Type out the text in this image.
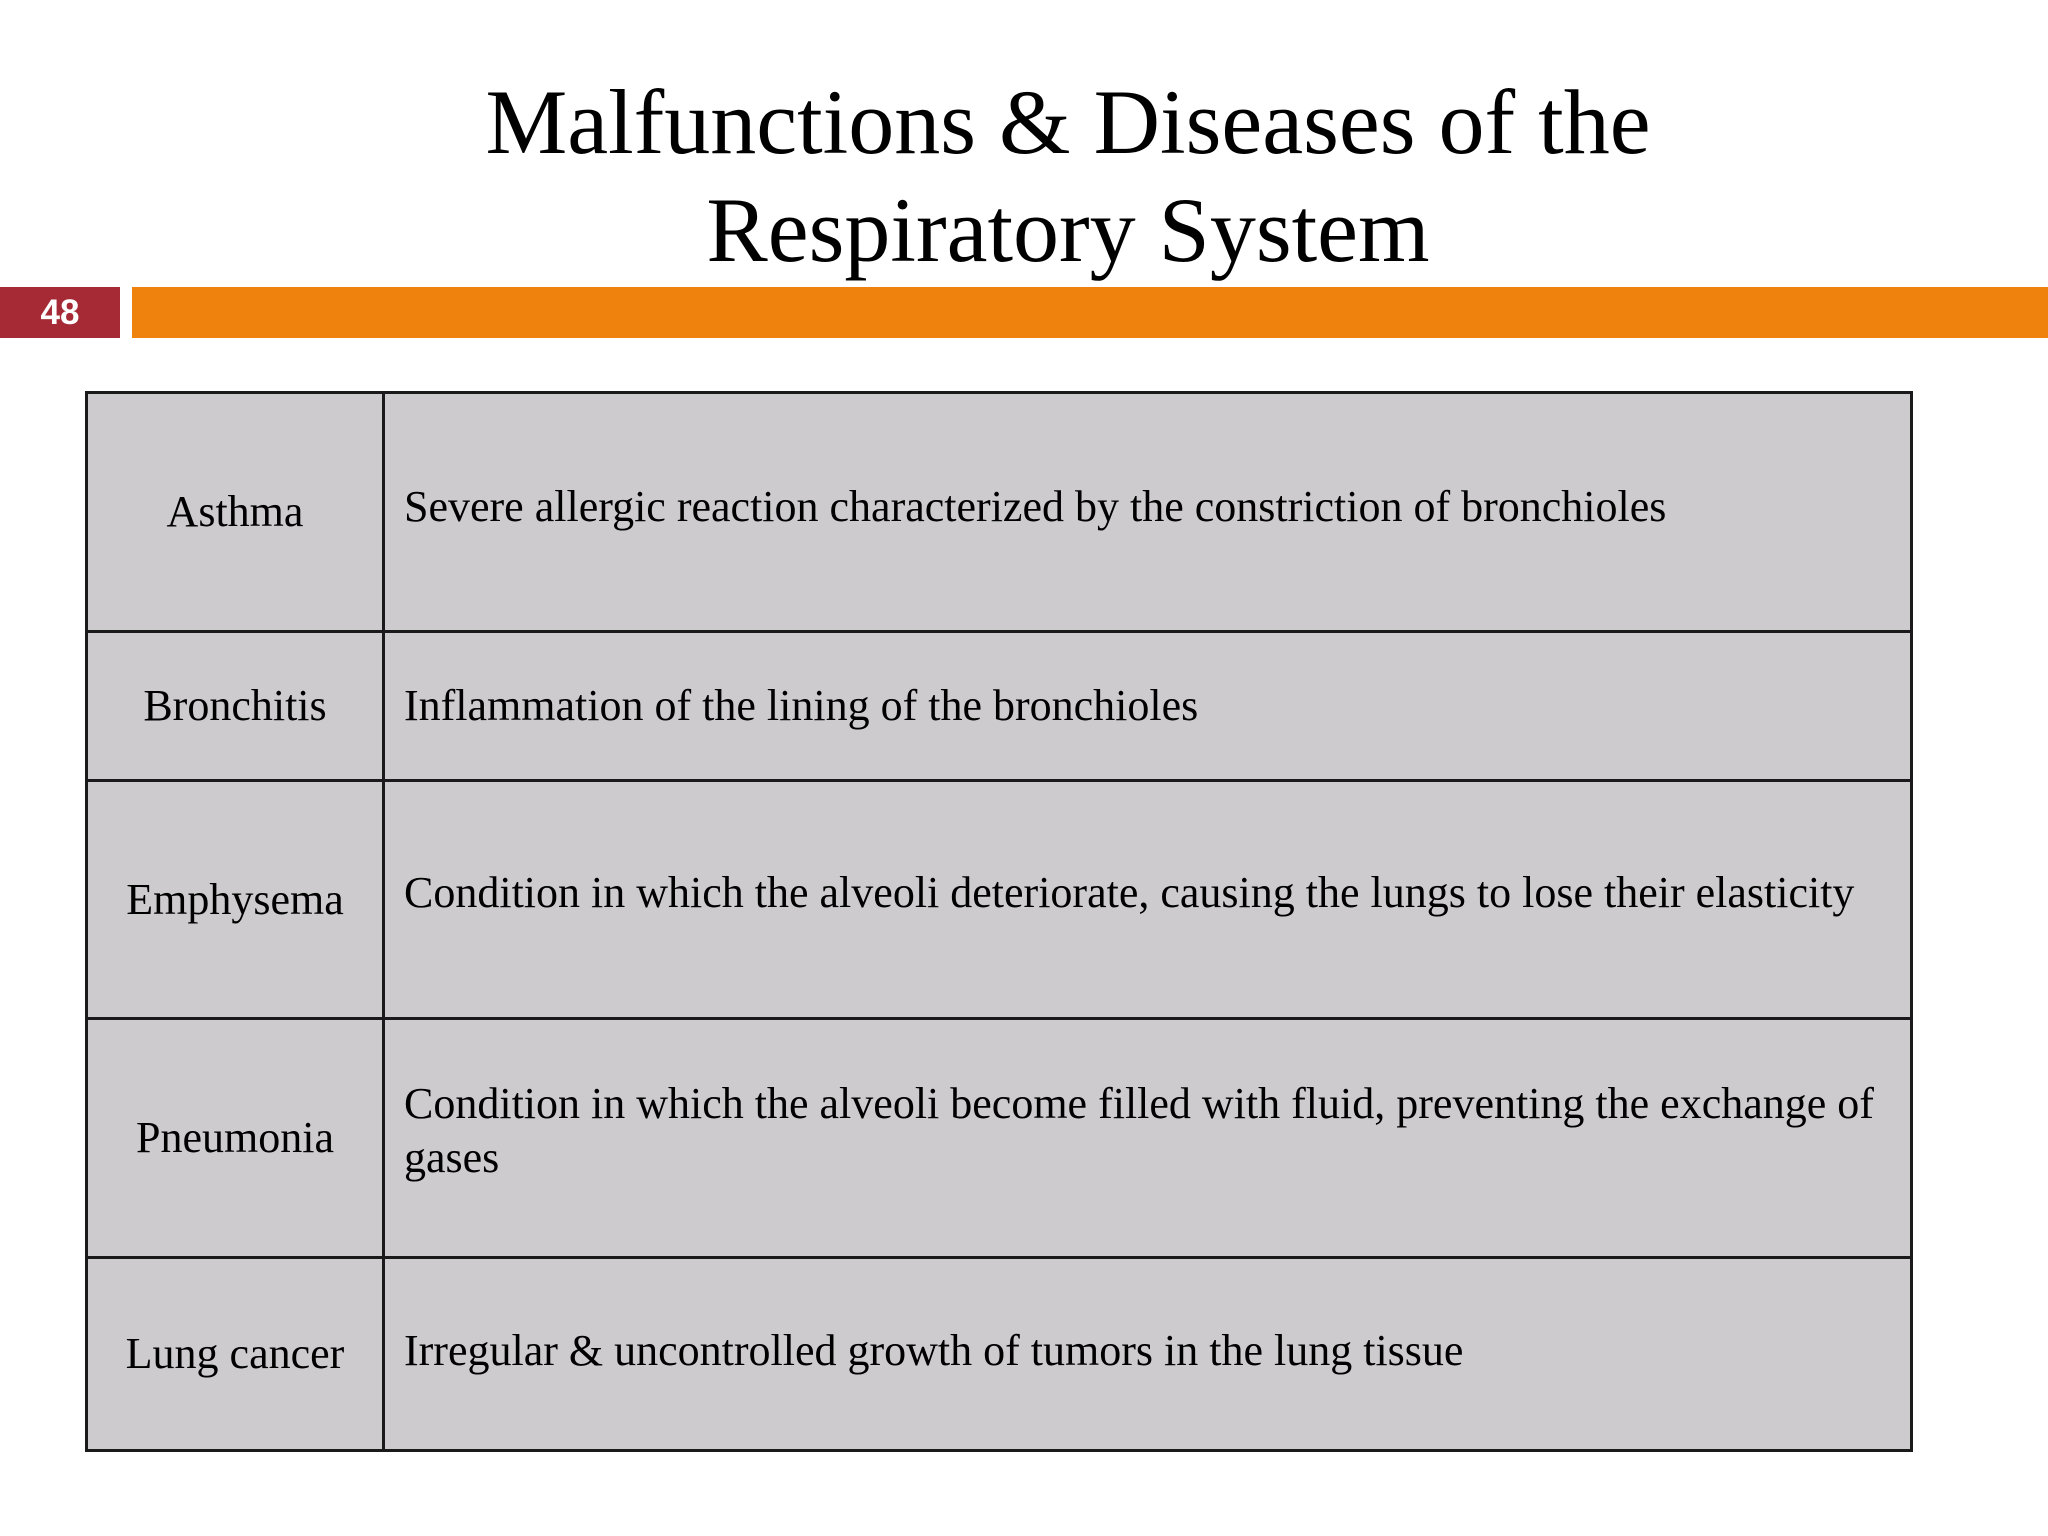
Malfunctions & Diseases of the
Respiratory System
48
Asthma	Severe allergic reaction characterized by the constriction of bronchioles
Bronchitis	Inflammation of the lining of the bronchioles
Emphysema	Condition in which the alveoli deteriorate, causing the lungs to lose their elasticity
Pneumonia	Condition in which the alveoli become filled with fluid, preventing the exchange of gases
Lung cancer	Irregular & uncontrolled growth of tumors in the lung tissue
